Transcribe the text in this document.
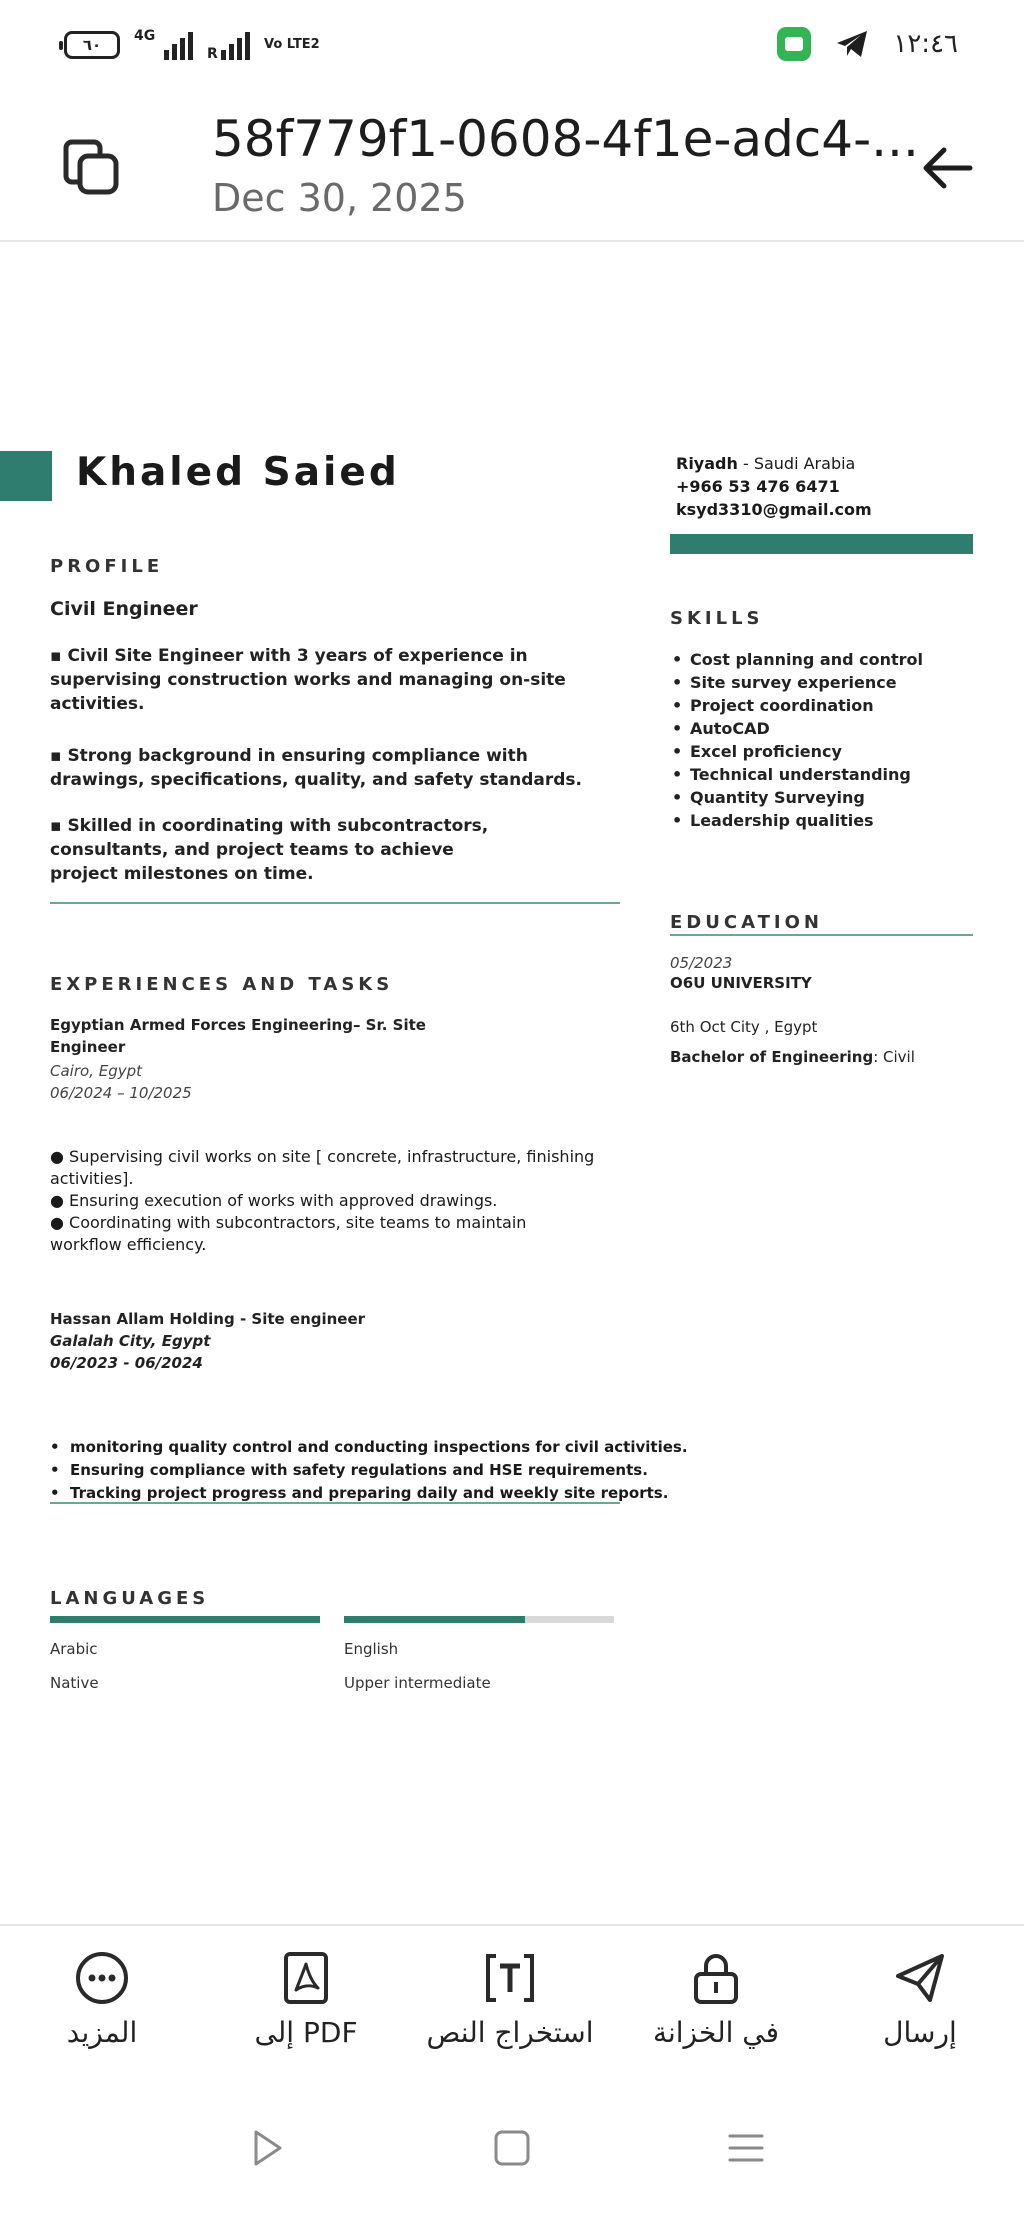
٦٠	4G
R
Vo LTE2	١٢:٤٦
58f779f1-0608-4f1e-adc4-...
Dec 30, 2025
Khaled Saied	Riyadh - Saudi Arabia
+966 53 476 6471
ksyd3310@gmail.com
PROFILE
Civil Engineer
▪ Civil Site Engineer with 3 years of experience in supervising construction works and managing on-site activities.
▪ Strong background in ensuring compliance with drawings, specifications, quality, and safety standards.
▪ Skilled in coordinating with subcontractors, consultants, and project teams to achieve project milestones on time.
SKILLS
• Cost planning and control
• Site survey experience
• Project coordination
• AutoCAD
• Excel proficiency
• Technical understanding
• Quantity Surveying
• Leadership qualities
EDUCATION
05/2023
O6U UNIVERSITY
6th Oct City , Egypt
Bachelor of Engineering: Civil
EXPERIENCES AND TASKS
Egyptian Armed Forces Engineering– Sr. Site Engineer
Cairo, Egypt
06/2024 – 10/2025
● Supervising civil works on site [ concrete, infrastructure, finishing activities].
● Ensuring execution of works with approved drawings.
● Coordinating with subcontractors, site teams to maintain workflow efficiency.
Hassan Allam Holding - Site engineer
Galalah City, Egypt
06/2023 - 06/2024
• monitoring quality control and conducting inspections for civil activities.
• Ensuring compliance with safety regulations and HSE requirements.
• Tracking project progress and preparing daily and weekly site reports.
LANGUAGES
Arabic	English
Native	Upper intermediate
المزيد	إلى PDF	استخراج النص	في الخزانة	إرسال
